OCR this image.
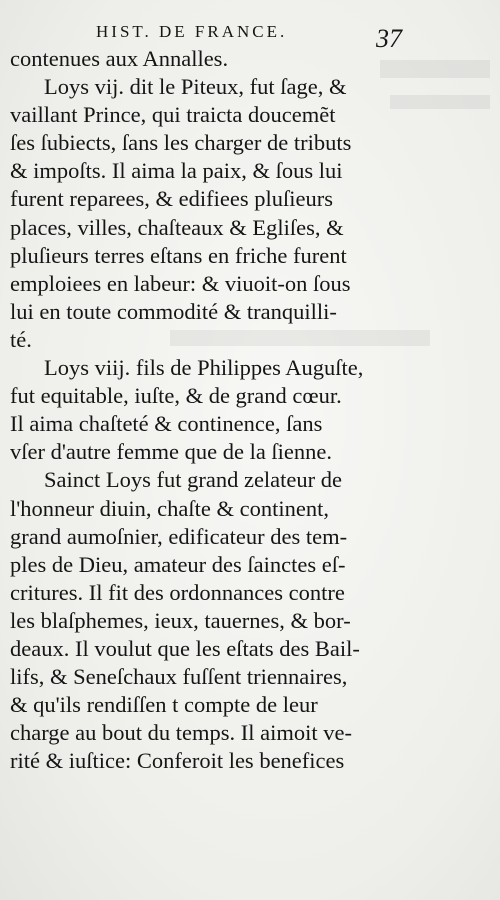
HIST. DE FRANCE.	37
contenues aux Annalles.
Loys vij. dit le Piteux, fut ſage, &
vaillant Prince, qui traicta doucemẽt
ſes ſubiects, ſans les charger de tributs
& impoſts. Il aima la paix, & ſous lui
furent reparees, & edifiees pluſieurs
places, villes, chaſteaux & Egliſes, &
pluſieurs terres eſtans en friche furent
emploiees en labeur: & viuoit-on ſous
lui en toute commodité & tranquilli-
té.
Loys viij. fils de Philippes Auguſte,
fut equitable, iuſte, & de grand cœur.
Il aima chaſteté & continence, ſans
vſer d'autre femme que de la ſienne.
Sainct Loys fut grand zelateur de
l'honneur diuin, chaſte & continent,
grand aumoſnier, edificateur des tem-
ples de Dieu, amateur des ſainctes eſ-
critures. Il fit des ordonnances contre
les blaſphemes, ieux, tauernes, & bor-
deaux. Il voulut que les eſtats des Bail-
lifs, & Seneſchaux fuſſent triennaires,
& qu'ils rendiſſen t compte de leur
charge au bout du temps. Il aimoit ve-
rité & iuſtice: Conferoit les benefices
